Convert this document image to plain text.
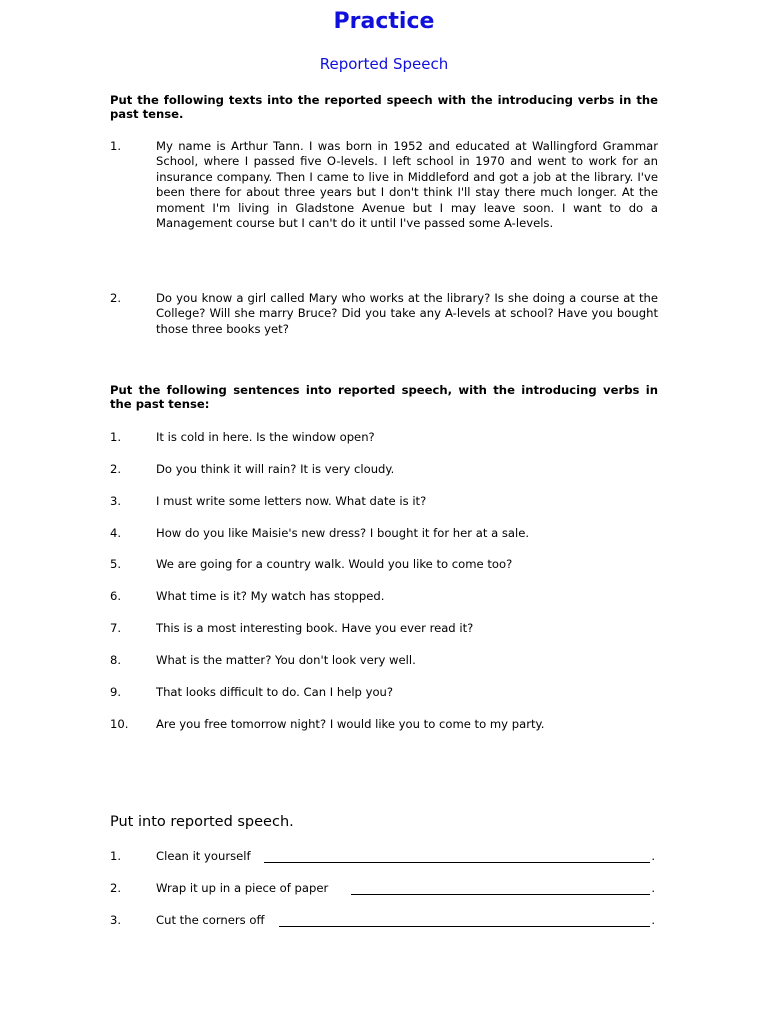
Practice
Reported Speech
Put the following texts into the reported speech with the introducing verbs in the past tense.
1.	My name is Arthur Tann. I was born in 1952 and educated at Wallingford Grammar School, where I passed five O-levels. I left school in 1970 and went to work for an insurance company. Then I came to live in Middleford and got a job at the library. I've been there for about three years but I don't think I'll stay there much longer. At the moment I'm living in Gladstone Avenue but I may leave soon. I want to do a Management course but I can't do it until I've passed some A-levels.
2.	Do you know a girl called Mary who works at the library? Is she doing a course at the College? Will she marry Bruce? Did you take any A-levels at school? Have you bought those three books yet?
Put the following sentences into reported speech, with the introducing verbs in the past tense:
1.	It is cold in here. Is the window open?
2.	Do you think it will rain? It is very cloudy.
3.	I must write some letters now. What date is it?
4.	How do you like Maisie's new dress? I bought it for her at a sale.
5.	We are going for a country walk. Would you like to come too?
6.	What time is it? My watch has stopped.
7.	This is a most interesting book. Have you ever read it?
8.	What is the matter? You don't look very well.
9.	That looks difficult to do. Can I help you?
10. Are you free tomorrow night? I would like you to come to my party.
Put into reported speech.
1.	Clean it yourself	.
2.	Wrap it up in a piece of paper	.
3.	Cut the corners off	.
